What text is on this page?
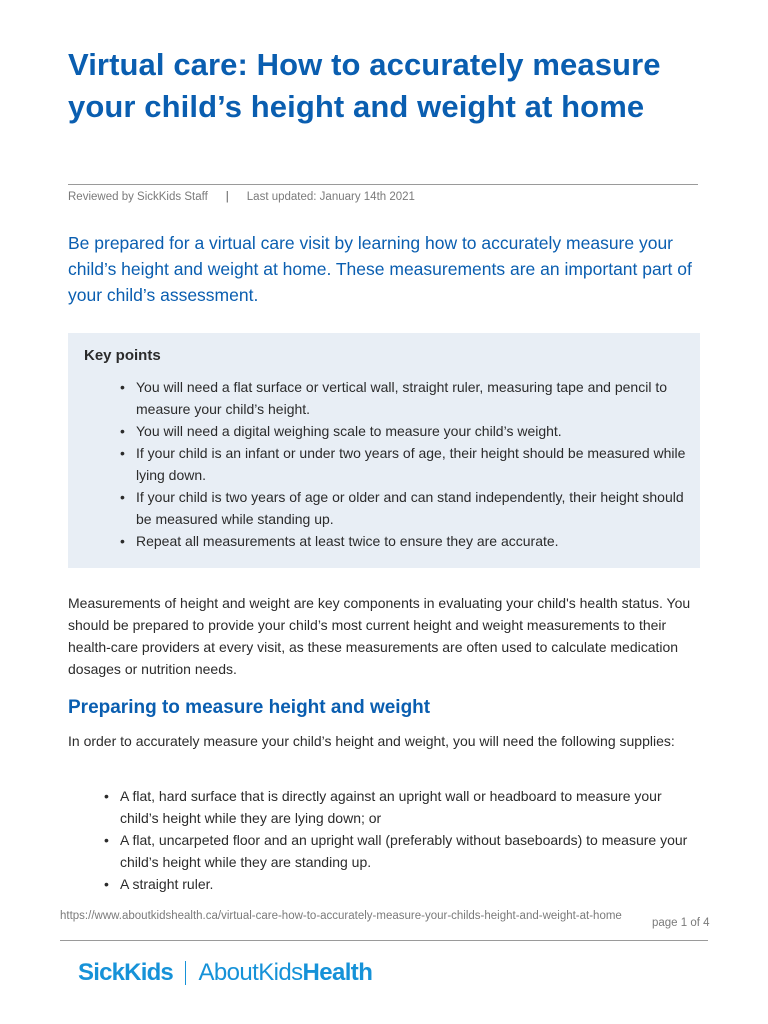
Virtual care: How to accurately measure your child’s height and weight at home
Reviewed by SickKids Staff | Last updated: January 14th 2021

Be prepared for a virtual care visit by learning how to accurately measure your child’s height and weight at home. These measurements are an important part of your child’s assessment.

Key points
• You will need a flat surface or vertical wall, straight ruler, measuring tape and pencil to measure your child’s height.
• You will need a digital weighing scale to measure your child’s weight.
• If your child is an infant or under two years of age, their height should be measured while lying down.
• If your child is two years of age or older and can stand independently, their height should be measured while standing up.
• Repeat all measurements at least twice to ensure they are accurate.

Measurements of height and weight are key components in evaluating your child's health status. You should be prepared to provide your child’s most current height and weight measurements to their health-care providers at every visit, as these measurements are often used to calculate medication dosages or nutrition needs.

Preparing to measure height and weight

In order to accurately measure your child’s height and weight, you will need the following supplies:

• A flat, hard surface that is directly against an upright wall or headboard to measure your child’s height while they are lying down; or
• A flat, uncarpeted floor and an upright wall (preferably without baseboards) to measure your child’s height while they are standing up.
• A straight ruler.
https://www.aboutkidshealth.ca/virtual-care-how-to-accurately-measure-your-childs-height-and-weight-at-home
page 1 of 4
SickKids AboutKids Health
